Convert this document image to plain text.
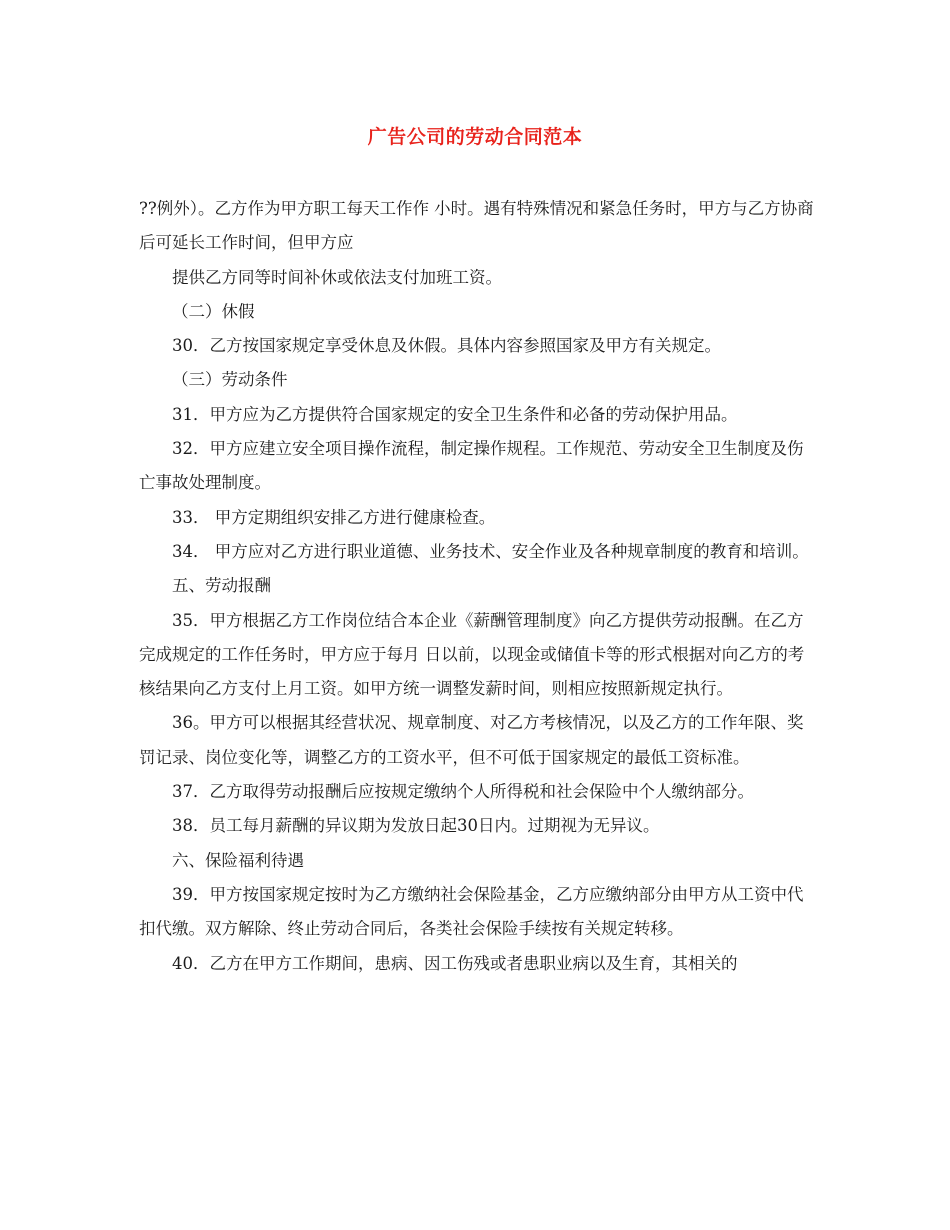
广告公司的劳动合同范本

??例外）。乙方作为甲方职工每天工作作 小时。遇有特殊情况和紧急任务时，甲方与乙方协商后可延长工作时间，但甲方应

提供乙方同等时间补休或依法支付加班工资。

（二）休假

30．乙方按国家规定享受休息及休假。具体内容参照国家及甲方有关规定。

（三）劳动条件

31．甲方应为乙方提供符合国家规定的安全卫生条件和必备的劳动保护用品。

32．甲方应建立安全项目操作流程，制定操作规程。工作规范、劳动安全卫生制度及伤亡事故处理制度。

33． 甲方定期组织安排乙方进行健康检查。

34． 甲方应对乙方进行职业道德、业务技术、安全作业及各种规章制度的教育和培训。

五、劳动报酬

35．甲方根据乙方工作岗位结合本企业《薪酬管理制度》向乙方提供劳动报酬。在乙方完成规定的工作任务时，甲方应于每月 日以前，以现金或储值卡等的形式根据对向乙方的考核结果向乙方支付上月工资。如甲方统一调整发薪时间，则相应按照新规定执行。

36。甲方可以根据其经营状况、规章制度、对乙方考核情况，以及乙方的工作年限、奖罚记录、岗位变化等，调整乙方的工资水平，但不可低于国家规定的最低工资标准。

37．乙方取得劳动报酬后应按规定缴纳个人所得税和社会保险中个人缴纳部分。

38．员工每月薪酬的异议期为发放日起30日内。过期视为无异议。

六、保险福利待遇

39．甲方按国家规定按时为乙方缴纳社会保险基金，乙方应缴纳部分由甲方从工资中代扣代缴。双方解除、终止劳动合同后，各类社会保险手续按有关规定转移。

40．乙方在甲方工作期间，患病、因工伤残或者患职业病以及生育，其相关的
